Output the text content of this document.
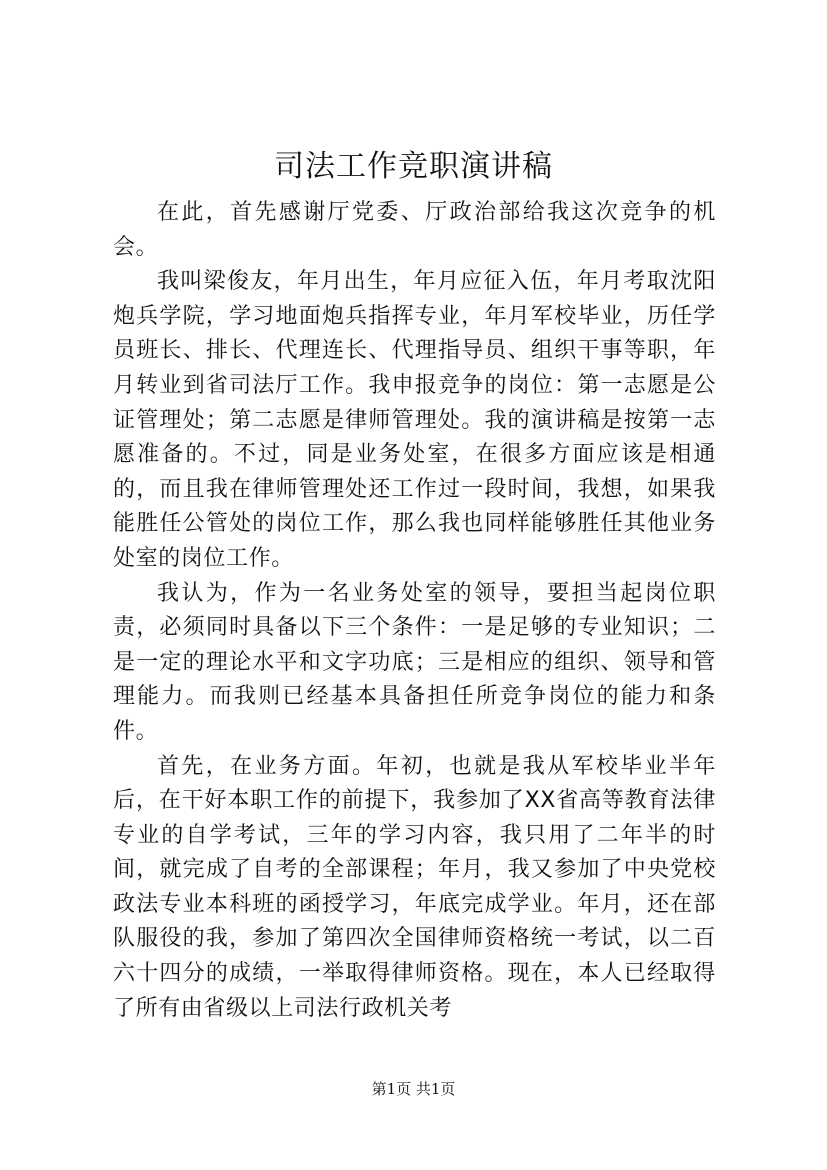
司法工作竞职演讲稿

在此，首先感谢厅党委、厅政治部给我这次竞争的机会。

我叫梁俊友，年月出生，年月应征入伍，年月考取沈阳炮兵学院，学习地面炮兵指挥专业，年月军校毕业，历任学员班长、排长、代理连长、代理指导员、组织干事等职，年月转业到省司法厅工作。我申报竞争的岗位：第一志愿是公证管理处；第二志愿是律师管理处。我的演讲稿是按第一志愿准备的。不过，同是业务处室，在很多方面应该是相通的，而且我在律师管理处还工作过一段时间，我想，如果我能胜任公管处的岗位工作，那么我也同样能够胜任其他业务处室的岗位工作。

我认为，作为一名业务处室的领导，要担当起岗位职责，必须同时具备以下三个条件：一是足够的专业知识；二是一定的理论水平和文字功底；三是相应的组织、领导和管理能力。而我则已经基本具备担任所竞争岗位的能力和条件。

首先，在业务方面。年初，也就是我从军校毕业半年后，在干好本职工作的前提下，我参加了XX省高等教育法律专业的自学考试，三年的学习内容，我只用了二年半的时间，就完成了自考的全部课程；年月，我又参加了中央党校政法专业本科班的函授学习，年底完成学业。年月，还在部队服役的我，参加了第四次全国律师资格统一考试，以二百六十四分的成绩，一举取得律师资格。现在，本人已经取得了所有由省级以上司法行政机关考

第1页 共1页
